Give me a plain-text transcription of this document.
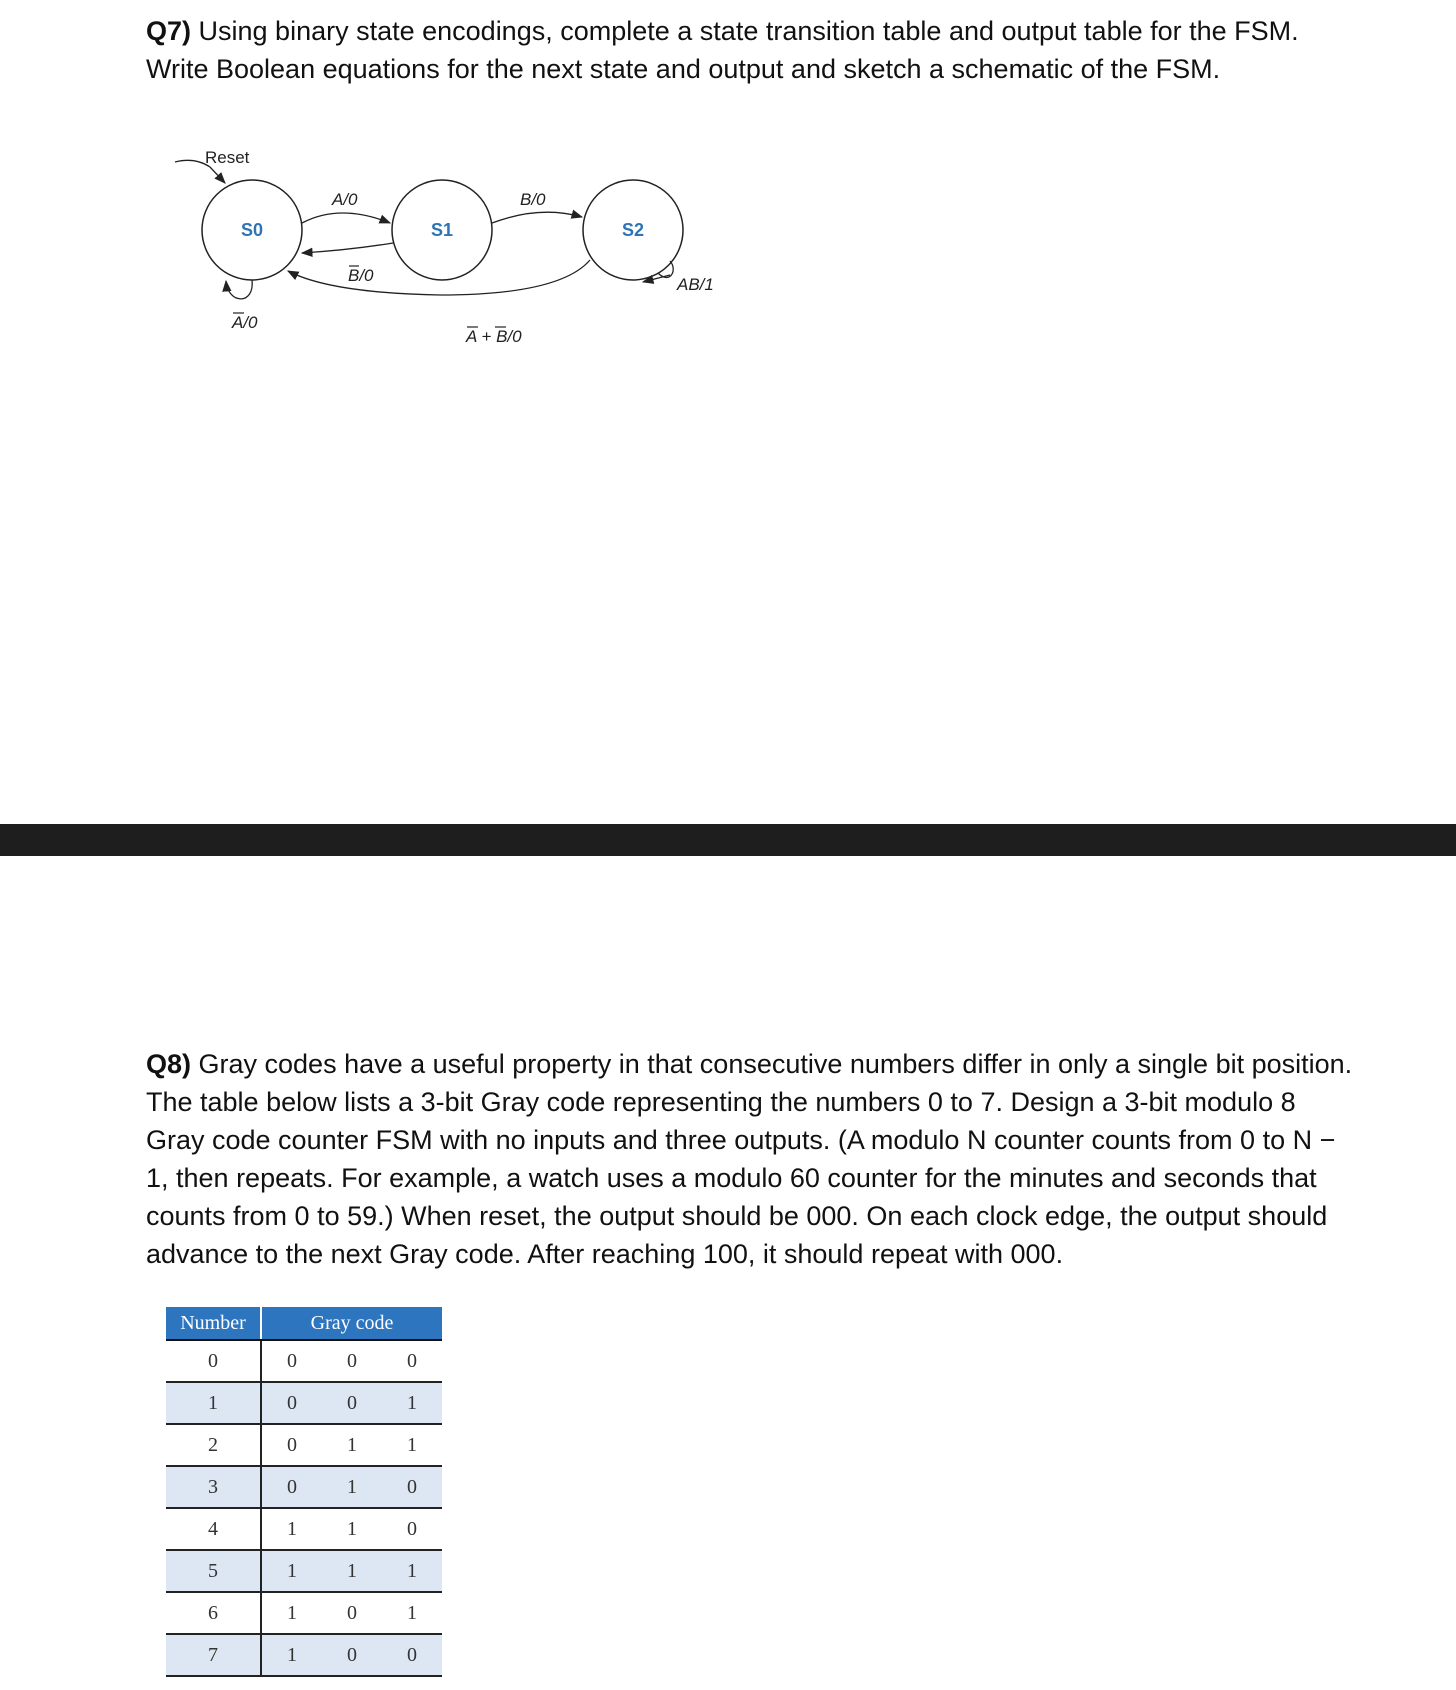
Q7) Using binary state encodings, complete a state transition table and output table for the FSM. Write Boolean equations for the next state and output and sketch a schematic of the FSM.

Reset
S0	S1	S2
A/0
B/0
A/0
B/0
A + B/0
AB/1

Q8) Gray codes have a useful property in that consecutive numbers differ in only a single bit position. The table below lists a 3-bit Gray code representing the numbers 0 to 7. Design a 3-bit modulo 8 Gray code counter FSM with no inputs and three outputs. (A modulo N counter counts from 0 to N − 1, then repeats. For example, a watch uses a modulo 60 counter for the minutes and seconds that counts from 0 to 59.) When reset, the output should be 000. On each clock edge, the output should advance to the next Gray code. After reaching 100, it should repeat with 000.

Number	Gray code		
0	0	0	0
1	0	0	1
2	0	1	1
3	0	1	0
4	1	1	0
5	1	1	1
6	1	0	1
7	1	0	0
